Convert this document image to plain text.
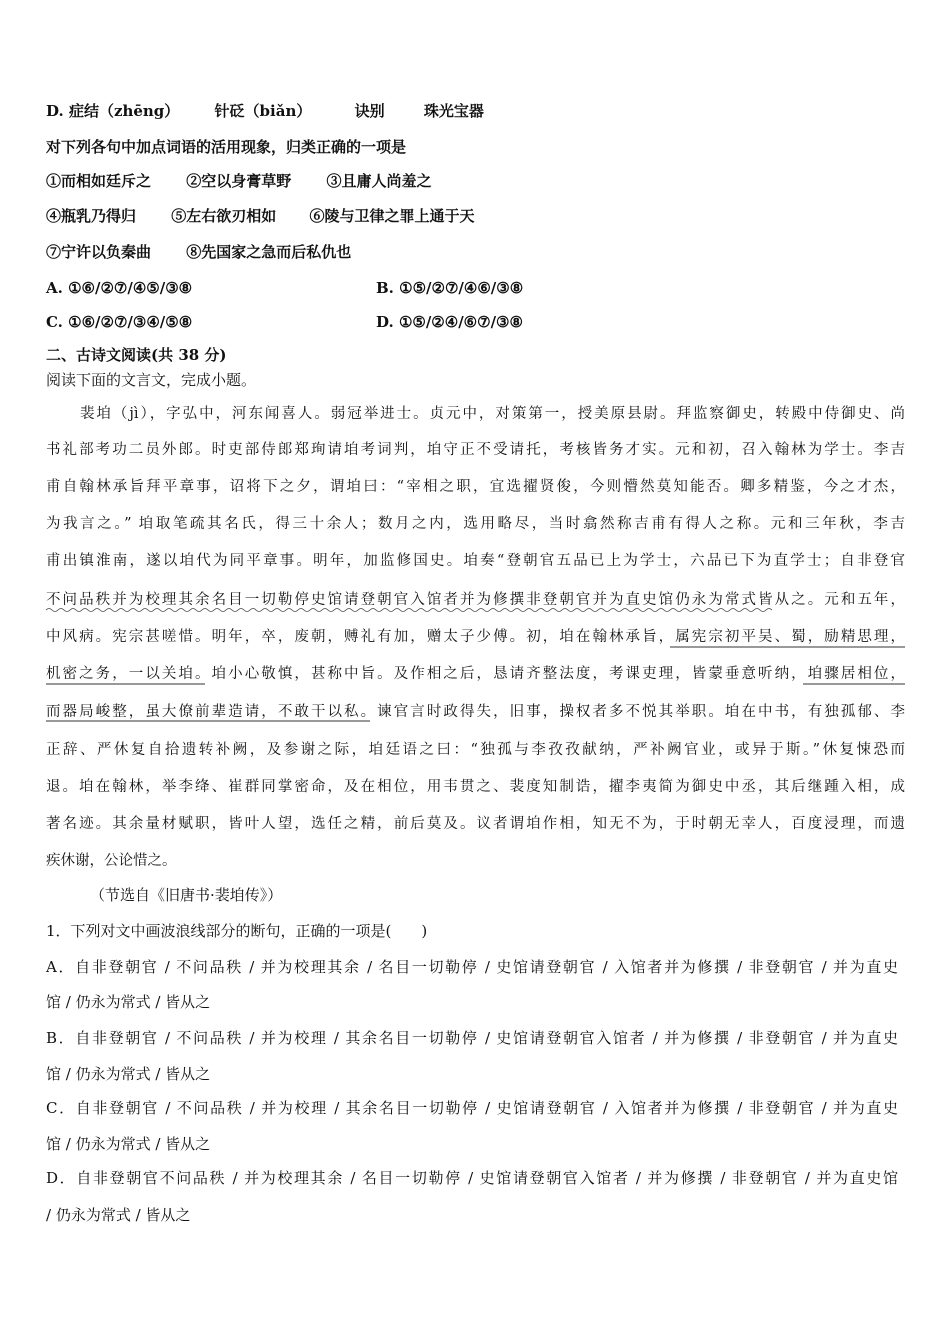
D. 症结（zhēng） 针砭（biǎn）	诀别	珠光宝器
对下列各句中加点词语的活用现象，归类正确的一项是
①而相如廷斥之 ②空以身膏草野 ③且庸人尚羞之
④瓶乳乃得归 ⑤左右欲刃相如 ⑥陵与卫律之罪上通于天
⑦宁许以负秦曲 ⑧先国家之急而后私仇也
A. ①⑥/②⑦/④⑤/③⑧	B. ①⑤/②⑦/④⑥/③⑧
C. ①⑥/②⑦/③④/⑤⑧	D. ①⑤/②④/⑥⑦/③⑧
二、古诗文阅读(共 38 分)
阅读下面的文言文，完成小题。
裴垍（jì），字弘中，河东闻喜人。弱冠举进士。贞元中，对策第一，授美原县尉。拜监察御史，转殿中侍御史、尚
书礼部考功二员外郎。时吏部侍郎郑珣请垍考词判，垍守正不受请托，考核皆务才实。元和初，召入翰林为学士。李吉
甫自翰林承旨拜平章事，诏将下之夕，谓垍曰：“宰相之职，宜选擢贤俊，今则懵然莫知能否。卿多精鉴，今之才杰，
为我言之。” 垍取笔疏其名氏，得三十余人；数月之内，选用略尽，当时翕然称吉甫有得人之称。元和三年秋，李吉
甫出镇淮南，遂以垍代为同平章事。明年，加监修国史。垍奏“登朝官五品已上为学士，六品已下为直学士；自非登官
不问品秩并为校理其余名目一切勒停史馆请登朝官入馆者并为修撰非登朝官并为直史馆仍永为常式皆从之。元和五年，
中风病。宪宗甚嗟惜。明年，卒，废朝，赙礼有加，赠太子少傅。初，垍在翰林承旨，属宪宗初平吴、蜀，励精思理，
机密之务，一以关垍。垍小心敬慎，甚称中旨。及作相之后，恳请齐整法度，考课吏理，皆蒙垂意听纳，垍骤居相位，
而器局峻整，虽大僚前辈造请，不敢干以私。谏官言时政得失，旧事，操权者多不悦其举职。垍在中书，有独孤郁、李
正辞、严休复自拾遗转补阙，及参谢之际，垍廷语之曰：“独孤与李孜孜献纳，严补阙官业，或异于斯。”休复悚恐而
退。垍在翰林，举李绛、崔群同掌密命，及在相位，用韦贯之、裴度知制诰，擢李夷简为御史中丞，其后继踵入相，成
著名迹。其余量材赋职，皆叶人望，选任之精，前后莫及。议者谓垍作相，知无不为，于时朝无幸人，百度浸理，而遗
疾休谢，公论惜之。
（节选自《旧唐书·裴垍传》）
1．下列对文中画波浪线部分的断句，正确的一项是(　　)
A．自非登朝官 / 不问品秩 / 并为校理其余 / 名目一切勒停 / 史馆请登朝官 / 入馆者并为修撰 / 非登朝官 / 并为直史
馆 / 仍永为常式 / 皆从之
B．自非登朝官 / 不问品秩 / 并为校理 / 其余名目一切勒停 / 史馆请登朝官入馆者 / 并为修撰 / 非登朝官 / 并为直史
馆 / 仍永为常式 / 皆从之
C．自非登朝官 / 不问品秩 / 并为校理 / 其余名目一切勒停 / 史馆请登朝官 / 入馆者并为修撰 / 非登朝官 / 并为直史
馆 / 仍永为常式 / 皆从之
D．自非登朝官不问品秩 / 并为校理其余 / 名目一切勒停 / 史馆请登朝官入馆者 / 并为修撰 / 非登朝官 / 并为直史馆
/ 仍永为常式 / 皆从之
